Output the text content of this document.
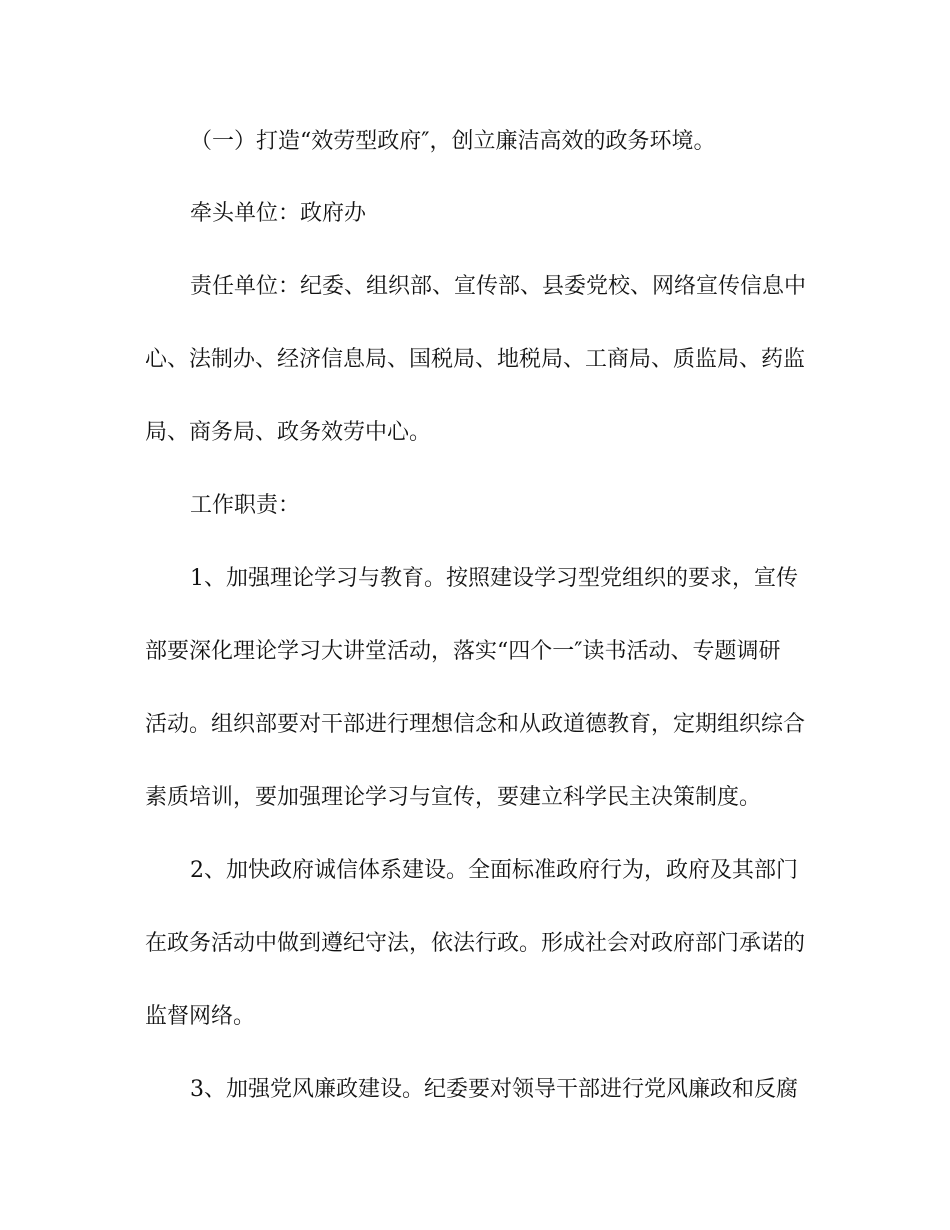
（一）打造“效劳型政府″，创立廉洁高效的政务环境。
牵头单位：政府办
责任单位：纪委、组织部、宣传部、县委党校、网络宣传信息中
心、法制办、经济信息局、国税局、地税局、工商局、质监局、药监
局、商务局、政务效劳中心。
工作职责：
1、加强理论学习与教育。按照建设学习型党组织的要求，宣传
部要深化理论学习大讲堂活动，落实“四个一″读书活动、专题调研
活动。组织部要对干部进行理想信念和从政道德教育，定期组织综合
素质培训，要加强理论学习与宣传，要建立科学民主决策制度。
2、加快政府诚信体系建设。全面标准政府行为，政府及其部门
在政务活动中做到遵纪守法，依法行政。形成社会对政府部门承诺的
监督网络。
3、加强党风廉政建设。纪委要对领导干部进行党风廉政和反腐
